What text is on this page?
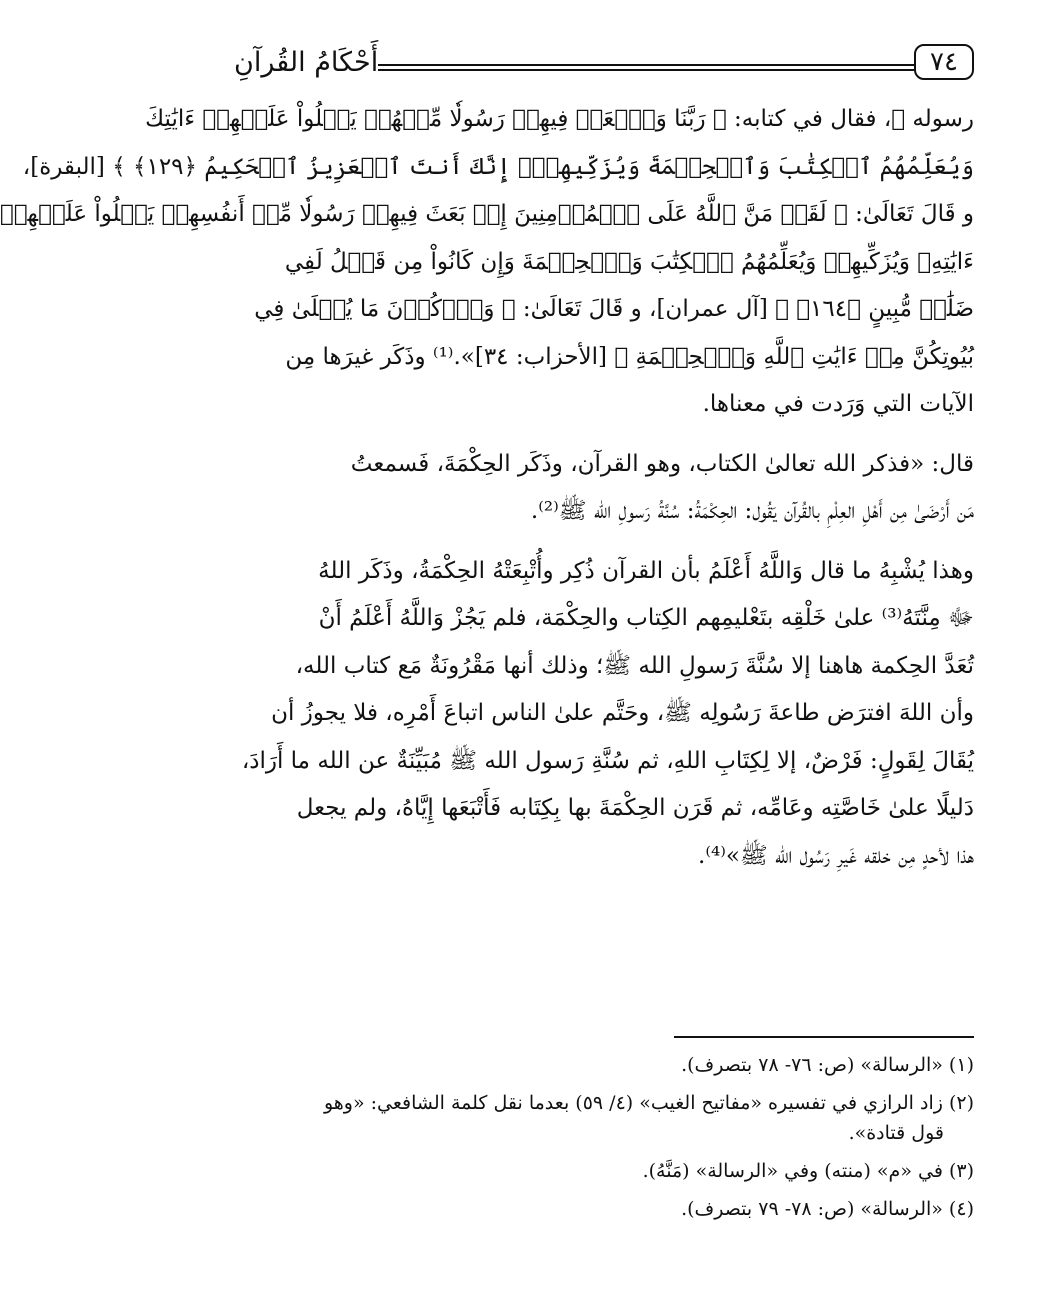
٧٤
أَحْكَامُ القُرآنِ
رسوله ﷺ، فقال في كتابه: ﴿ رَبَّنَا وَٱبۡعَثۡ فِيهِمۡ رَسُولٗا مِّنۡهُمۡ يَتۡلُواْ عَلَيۡهِمۡ ءَايَٰتِكَ
وَيُعَلِّمُهُمُ ٱلۡكِتَٰبَ وَٱلۡحِكۡمَةَ وَيُزَكِّيهِمۡۖ إِنَّكَ أَنتَ ٱلۡعَزِيزُ ٱلۡحَكِيمُ ﴿١٢٩﴾ ﴾ [البقرة]،
و قَالَ تَعَالَىٰ: ﴿ لَقَدۡ مَنَّ ٱللَّهُ عَلَى ٱلۡمُؤۡمِنِينَ إِذۡ بَعَثَ فِيهِمۡ رَسُولٗا مِّنۡ أَنفُسِهِمۡ يَتۡلُواْ عَلَيۡهِمۡ
ءَايَٰتِهِۦ وَيُزَكِّيهِمۡ وَيُعَلِّمُهُمُ ٱلۡكِتَٰبَ وَٱلۡحِكۡمَةَ وَإِن كَانُواْ مِن قَبۡلُ لَفِي
ضَلَٰلٖ مُّبِينٍ ﴿١٦٤﴾ ﴾ [آل عمران]، و قَالَ تَعَالَىٰ: ﴿ وَٱذۡكُرۡنَ مَا يُتۡلَىٰ فِي
بُيُوتِكُنَّ مِنۡ ءَايَٰتِ ٱللَّهِ وَٱلۡحِكۡمَةِ ﴾ [الأحزاب: ٣٤]».⁽¹⁾ وذَكَر غيرَها مِن
الآيات التي وَرَدت في معناها.
قال: «فذكر الله تعالىٰ الكتاب، وهو القرآن، وذَكَر الحِكْمَةَ، فَسمعتُ
مَن أَرْضَىٰ مِن أَهْلِ العِلْمِ بالقُرآن يَقُول: الحِكْمَةُ: سُنَّةُ رَسولِ الله ﷺ⁽²⁾.
وهذا يُشْبِهُ ما قال وَاللَّهُ أَعْلَمُ بأن القرآن ذُكِر وأُتْبِعَتْهُ الحِكْمَةُ، وذَكَر اللهُ
ﷻ مِنَّتَهُ⁽³⁾ علىٰ خَلْقِه بتَعْليمِهم الكِتاب والحِكْمَة، فلم يَجُزْ وَاللَّهُ أَعْلَمُ أَنْ
تُعَدَّ الحِكمة هاهنا إلا سُنَّةَ رَسولِ الله ﷺ؛ وذلك أنها مَقْرُونَةٌ مَع كتاب الله،
وأن اللهَ افترَض طاعةَ رَسُولِه ﷺ، وحَتَّم علىٰ الناس اتباعَ أَمْرِه، فلا يجوزُ أن
يُقَالَ لِقَولٍ: فَرْضٌ، إلا لِكِتَابِ اللهِ، ثم سُنَّةِ رَسول الله ﷺ مُبَيِّنَةٌ عن الله ما أَرَادَ،
دَليلًا علىٰ خَاصَّتِه وعَامِّه، ثم قَرَن الحِكْمَةَ بها بِكِتَابه فَأَتْبَعَها إِيَّاهُ، ولم يجعل
هذا لأحدٍ مِن خلقه غَيرِ رَسُول الله ﷺ»⁽⁴⁾.
(١) «الرسالة» (ص: ٧٦- ٧٨ بتصرف).
(٢) زاد الرازي في تفسيره «مفاتيح الغيب» (٤/ ٥٩) بعدما نقل كلمة الشافعي: «وهو
قول قتادة».
(٣) في «م» (منته) وفي «الرسالة» (مَنَّهُ).
(٤) «الرسالة» (ص: ٧٨- ٧٩ بتصرف).
